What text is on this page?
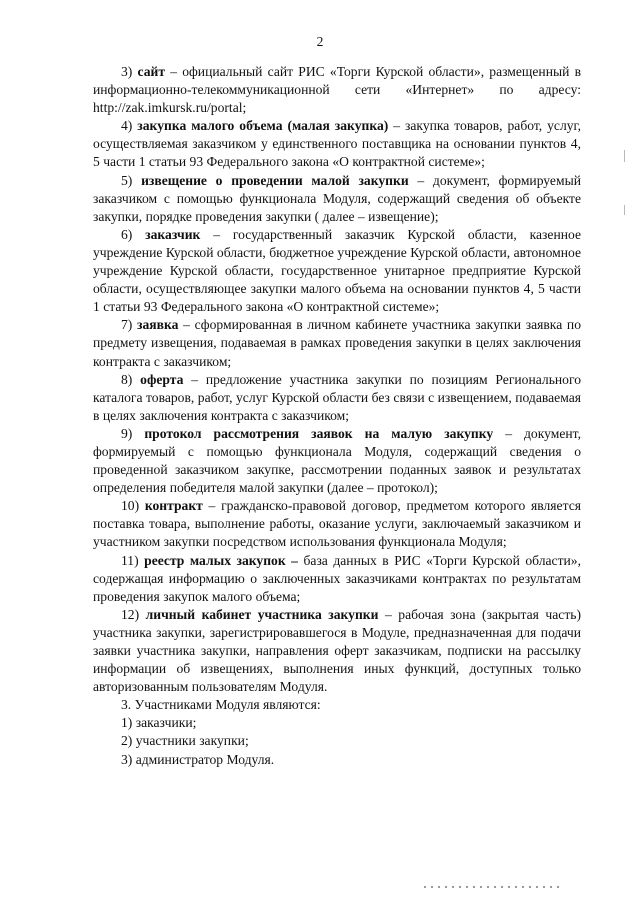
2

3) сайт – официальный сайт РИС «Торги Курской области», размещенный в информационно-телекоммуникационной сети «Интернет» по адресу: http://zak.imkursk.ru/portal;

4) закупка малого объема (малая закупка) – закупка товаров, работ, услуг, осуществляемая заказчиком у единственного поставщика на основании пунктов 4, 5 части 1 статьи 93 Федерального закона «О контрактной системе»;

5) извещение о проведении малой закупки – документ, формируемый заказчиком с помощью функционала Модуля, содержащий сведения об объекте закупки, порядке проведения закупки ( далее – извещение);

6) заказчик – государственный заказчик Курской области, казенное учреждение Курской области, бюджетное учреждение Курской области, автономное учреждение Курской области, государственное унитарное предприятие Курской области, осуществляющее закупки малого объема на основании пунктов 4, 5 части 1 статьи 93 Федерального закона «О контрактной системе»;

7) заявка – сформированная в личном кабинете участника закупки заявка по предмету извещения, подаваемая в рамках проведения закупки в целях заключения контракта с заказчиком;

8) оферта – предложение участника закупки по позициям Регионального каталога товаров, работ, услуг Курской области без связи с извещением, подаваемая в целях заключения контракта с заказчиком;

9) протокол рассмотрения заявок на малую закупку – документ, формируемый с помощью функционала Модуля, содержащий сведения о проведенной заказчиком закупке, рассмотрении поданных заявок и результатах определения победителя малой закупки (далее – протокол);

10) контракт – гражданско-правовой договор, предметом которого является поставка товара, выполнение работы, оказание услуги, заключаемый заказчиком и участником закупки посредством использования функционала Модуля;

11) реестр малых закупок – база данных в РИС «Торги Курской области», содержащая информацию о заключенных заказчиками контрактах по результатам проведения закупок малого объема;

12) личный кабинет участника закупки – рабочая зона (закрытая часть) участника закупки, зарегистрировавшегося в Модуле, предназначенная для подачи заявки участника закупки, направления оферт заказчикам, подписки на рассылку информации об извещениях, выполнения иных функций, доступных только авторизованным пользователям Модуля.

3. Участниками Модуля являются:

1) заказчики;

2) участники закупки;

3) администратор Модуля.
